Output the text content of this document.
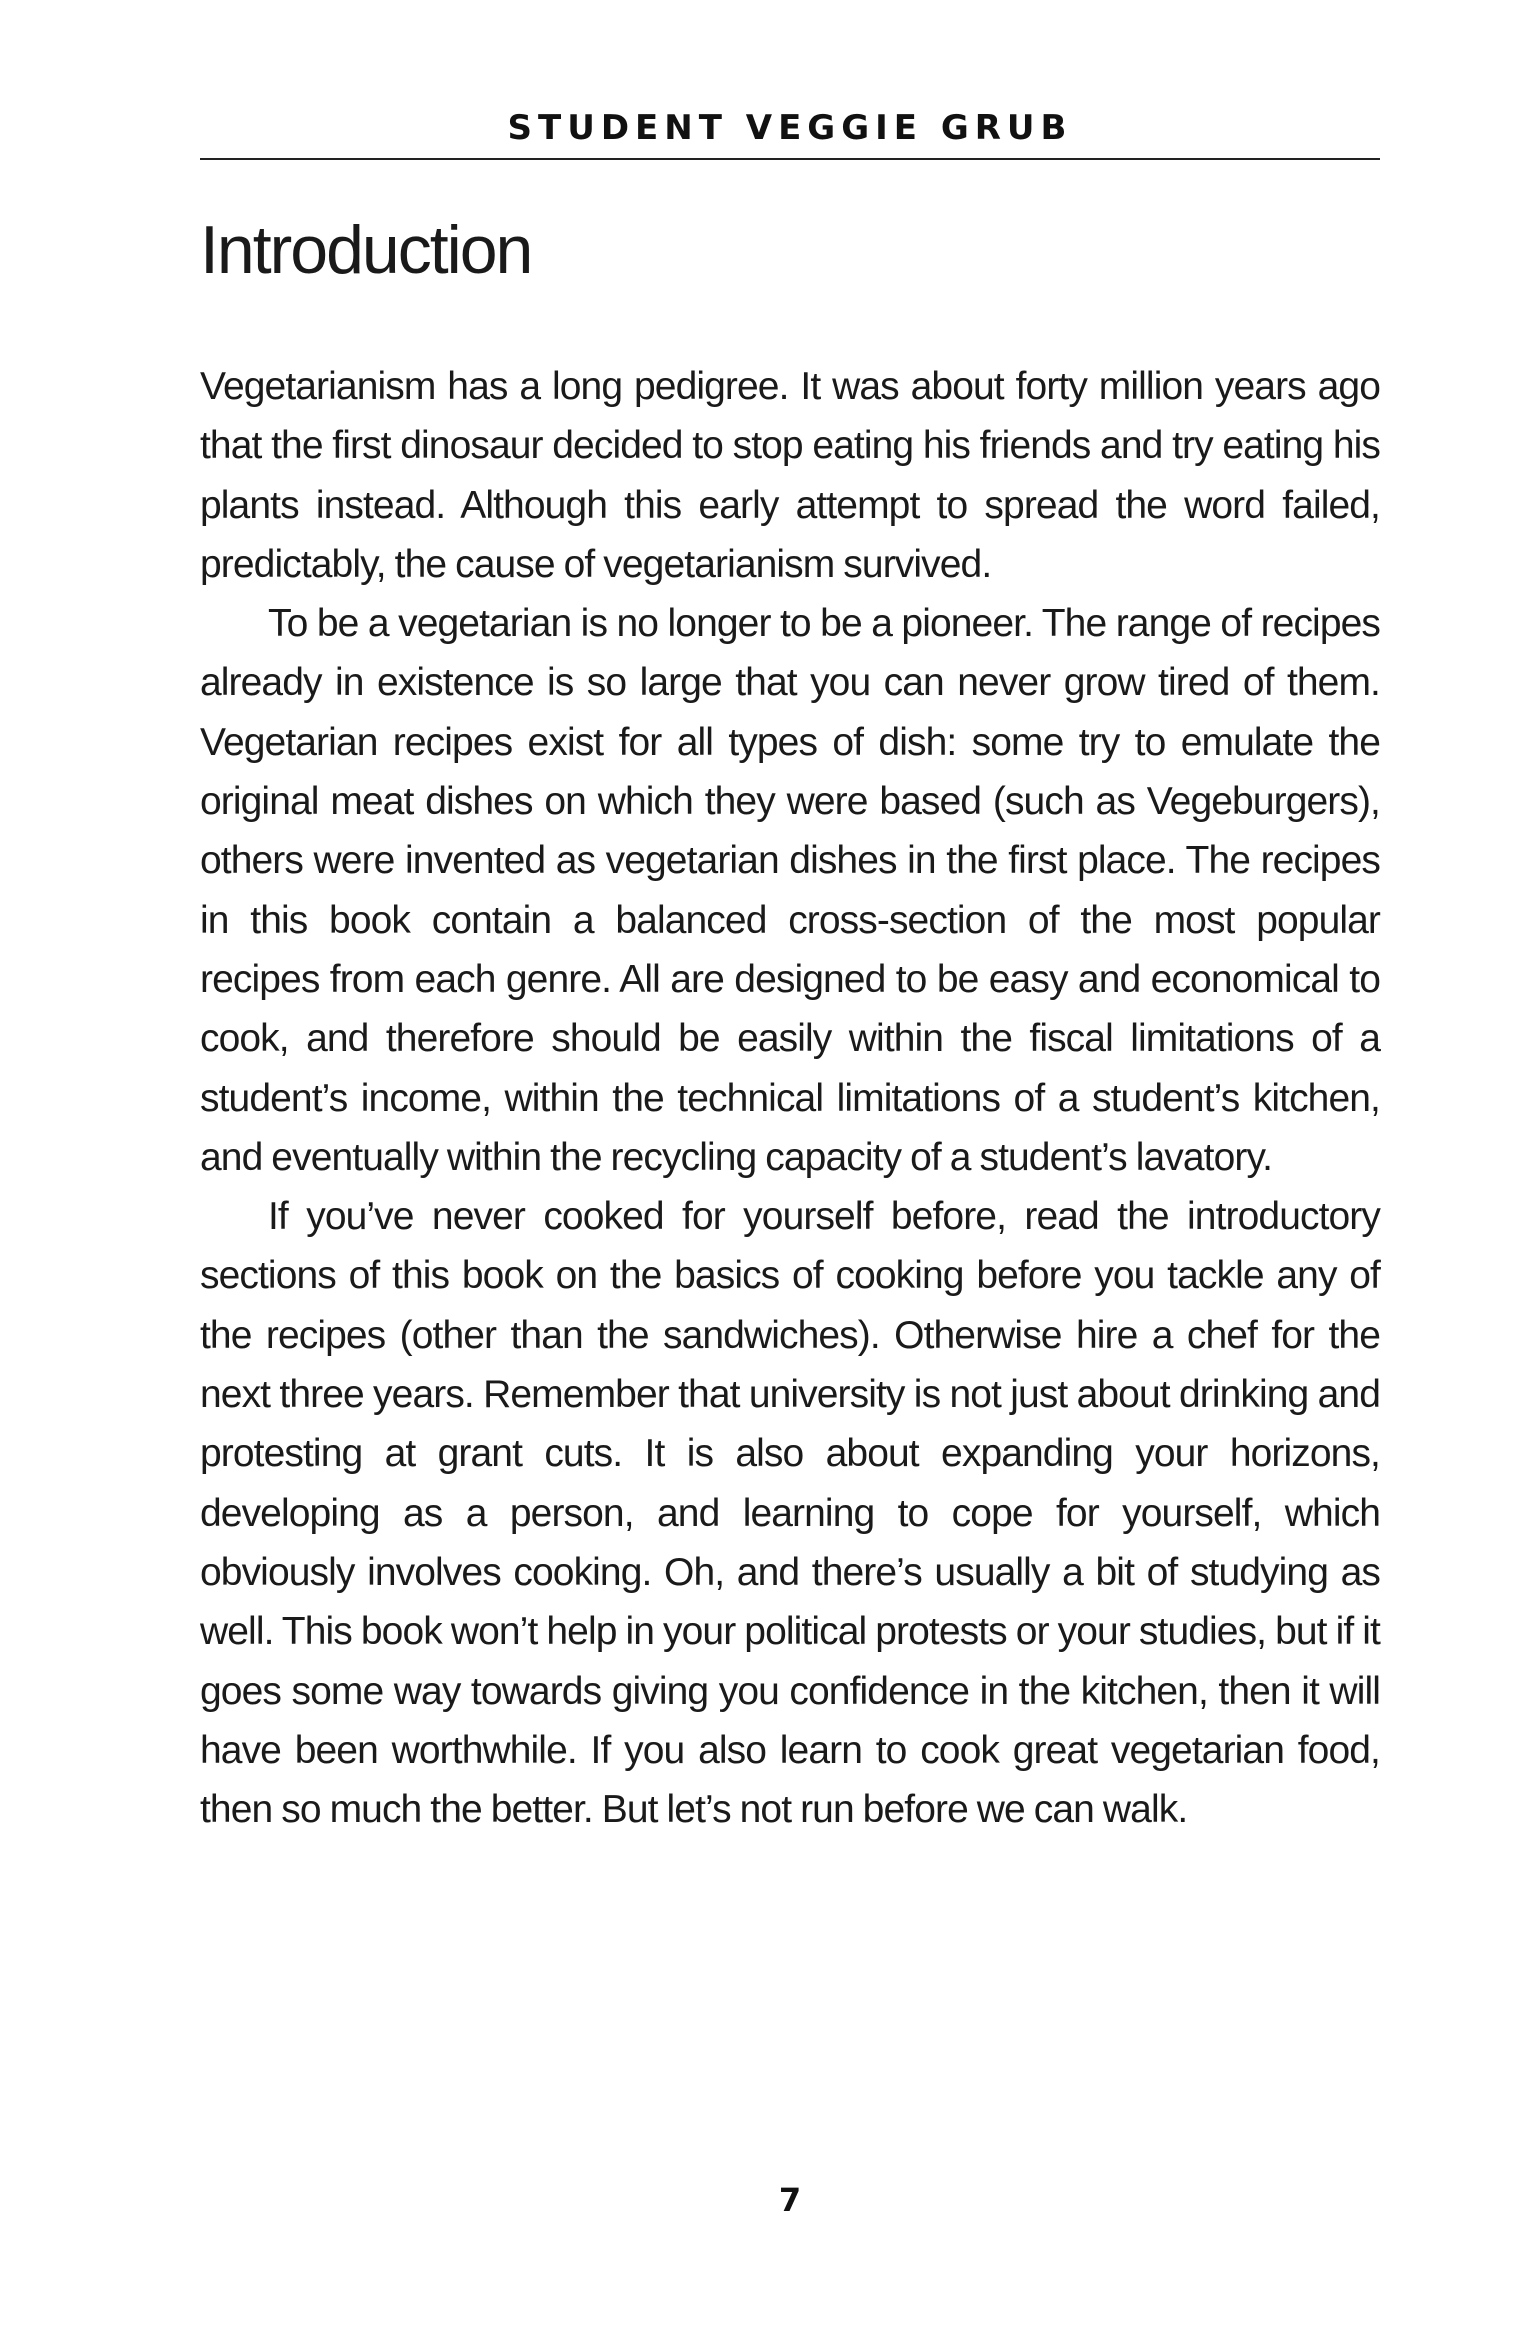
STUDENT VEGGIE GRUB
Introduction

Vegetarianism has a long pedigree. It was about forty million years ago that the first dinosaur decided to stop eating his friends and try eating his plants instead. Although this early attempt to spread the word failed, predictably, the cause of vegetarianism survived.

To be a vegetarian is no longer to be a pioneer. The range of recipes already in existence is so large that you can never grow tired of them. Vegetarian recipes exist for all types of dish: some try to emulate the original meat dishes on which they were based (such as Vegeburgers), others were invented as vegetarian dishes in the first place. The recipes in this book contain a balanced cross-section of the most popular recipes from each genre. All are designed to be easy and economical to cook, and therefore should be easily within the fiscal limitations of a student’s income, within the technical limitations of a student’s kitchen, and eventually within the recycling capacity of a student’s lavatory.

If you’ve never cooked for yourself before, read the introductory sections of this book on the basics of cooking before you tackle any of the recipes (other than the sandwiches). Otherwise hire a chef for the next three years. Remember that university is not just about drinking and protesting at grant cuts. It is also about expanding your horizons, developing as a person, and learning to cope for yourself, which obviously involves cooking. Oh, and there’s usually a bit of studying as well. This book won’t help in your political protests or your studies, but if it goes some way towards giving you confidence in the kitchen, then it will have been worthwhile. If you also learn to cook great vegetarian food, then so much the better. But let’s not run before we can walk.

7
